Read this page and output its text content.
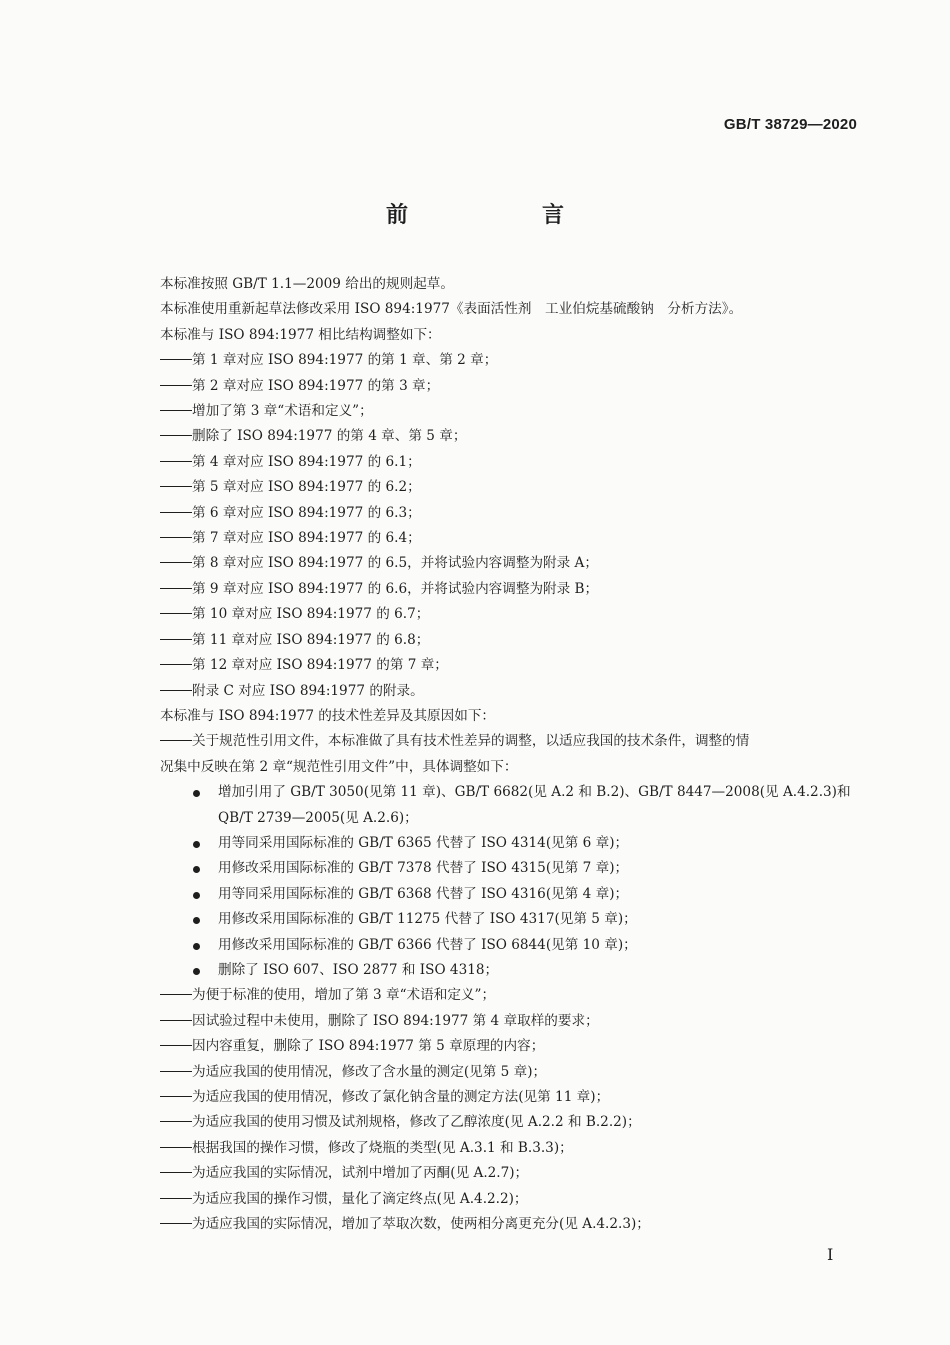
GB/T 38729—2020
前　言
本标准按照 GB/T 1.1—2009 给出的规则起草。
本标准使用重新起草法修改采用 ISO 894:1977《表面活性剂　工业伯烷基硫酸钠　分析方法》。
本标准与 ISO 894:1977 相比结构调整如下：
第 1 章对应 ISO 894:1977 的第 1 章、第 2 章；
第 2 章对应 ISO 894:1977 的第 3 章；
增加了第 3 章“术语和定义”；
删除了 ISO 894:1977 的第 4 章、第 5 章；
第 4 章对应 ISO 894:1977 的 6.1；
第 5 章对应 ISO 894:1977 的 6.2；
第 6 章对应 ISO 894:1977 的 6.3；
第 7 章对应 ISO 894:1977 的 6.4；
第 8 章对应 ISO 894:1977 的 6.5，并将试验内容调整为附录 A；
第 9 章对应 ISO 894:1977 的 6.6，并将试验内容调整为附录 B；
第 10 章对应 ISO 894:1977 的 6.7；
第 11 章对应 ISO 894:1977 的 6.8；
第 12 章对应 ISO 894:1977 的第 7 章；
附录 C 对应 ISO 894:1977 的附录。
本标准与 ISO 894:1977 的技术性差异及其原因如下：
关于规范性引用文件，本标准做了具有技术性差异的调整，以适应我国的技术条件，调整的情
况集中反映在第 2 章“规范性引用文件”中，具体调整如下：
增加引用了 GB/T 3050(见第 11 章)、GB/T 6682(见 A.2 和 B.2)、GB/T 8447—2008(见 A.4.2.3)和 QB/T 2739—2005(见 A.2.6)；
用等同采用国际标准的 GB/T 6365 代替了 ISO 4314(见第 6 章)；
用修改采用国际标准的 GB/T 7378 代替了 ISO 4315(见第 7 章)；
用等同采用国际标准的 GB/T 6368 代替了 ISO 4316(见第 4 章)；
用修改采用国际标准的 GB/T 11275 代替了 ISO 4317(见第 5 章)；
用修改采用国际标准的 GB/T 6366 代替了 ISO 6844(见第 10 章)；
删除了 ISO 607、ISO 2877 和 ISO 4318；
为便于标准的使用，增加了第 3 章“术语和定义”；
因试验过程中未使用，删除了 ISO 894:1977 第 4 章取样的要求；
因内容重复，删除了 ISO 894:1977 第 5 章原理的内容；
为适应我国的使用情况，修改了含水量的测定(见第 5 章)；
为适应我国的使用情况，修改了氯化钠含量的测定方法(见第 11 章)；
为适应我国的使用习惯及试剂规格，修改了乙醇浓度(见 A.2.2 和 B.2.2)；
根据我国的操作习惯，修改了烧瓶的类型(见 A.3.1 和 B.3.3)；
为适应我国的实际情况，试剂中增加了丙酮(见 A.2.7)；
为适应我国的操作习惯，量化了滴定终点(见 A.4.2.2)；
为适应我国的实际情况，增加了萃取次数，使两相分离更充分(见 A.4.2.3)；
I
